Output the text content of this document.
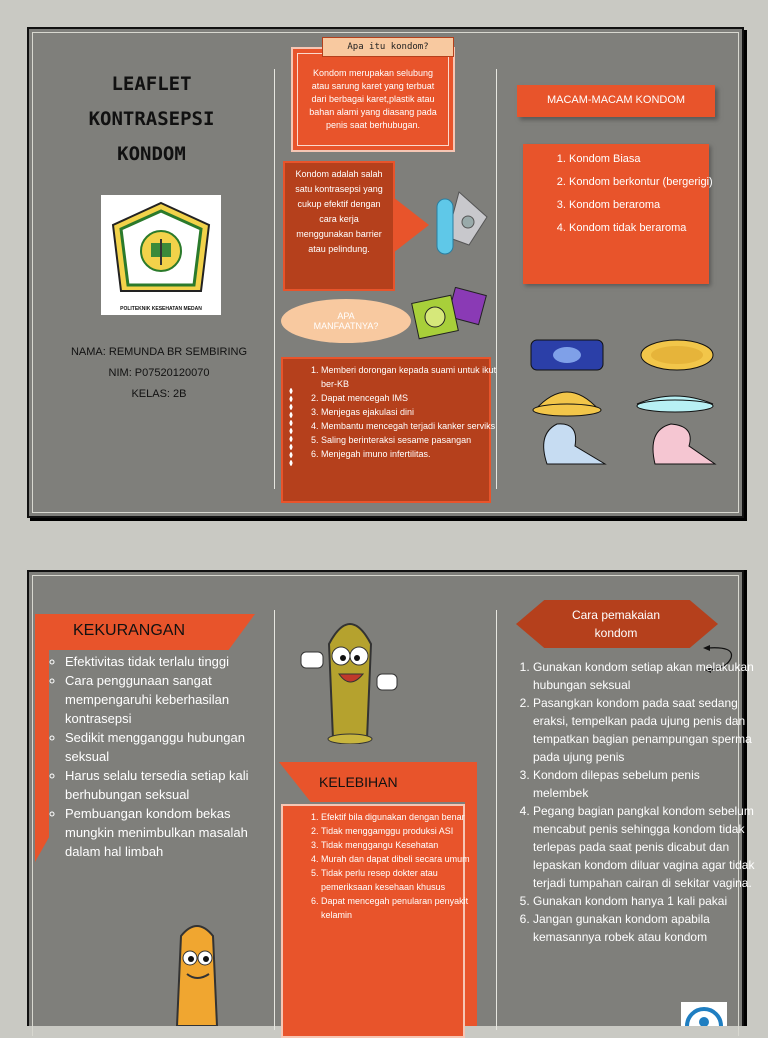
LEAFLET
KONTRASEPSI
KONDOM
POLITEKNIK KESEHATAN MEDAN
NAMA: REMUNDA BR SEMBIRING
NIM: P07520120070
KELAS: 2B
Kondom merupakan selubung atau sarung karet yang terbuat dari berbagai karet,plastik atau bahan alami yang diasang pada penis saat berhubugan.
Apa itu kondom?
Kondom adalah salah satu kontrasepsi yang cukup efektif dengan cara kerja menggunakan barrier atau pelindung.
APA MANFAATNYA?
1. Memberi dorongan kepada suami untuk ikut ber-KB
2. Dapat mencegah IMS
3. Menjegas ejakulasi dini
4. Membantu mencegah terjadi kanker serviks
5. Saling berinteraksi sesame pasangan
6. Menjegah imuno infertilitas.
MACAM-MACAM KONDOM
1. Kondom Biasa
2. Kondom berkontur (bergerigi)
3. Kondom beraroma
4. Kondom tidak beraroma
KEKURANGAN
◦ Efektivitas tidak terlalu tinggi
◦ Cara penggunaan sangat mempengaruhi keberhasilan kontrasepsi
◦ Sedikit mengganggu hubungan seksual
◦ Harus selalu tersedia setiap kali berhubungan seksual
◦ Pembuangan kondom bekas mungkin menimbulkan masalah dalam hal limbah
KELEBIHAN
1. Efektif bila digunakan dengan benar
2. Tidak menggamggu produksi ASI
3. Tidak menggangu Kesehatan
4. Murah dan dapat dibeli secara umum
5. Tidak perlu resep dokter atau pemeriksaan kesehaan khusus
6. Dapat mencegah penularan penyakit kelamin
Cara pemakaian kondom
1. Gunakan kondom setiap akan melakukan hubungan seksual
2. Pasangkan kondom pada saat sedang eraksi, tempelkan pada ujung penis dan tempatkan bagian penampungan sperma pada ujung penis
3. Kondom dilepas sebelum penis melembek
4. Pegang bagian pangkal kondom sebelum mencabut penis sehingga kondom tidak terlepas pada saat penis dicabut dan lepaskan kondom diluar vagina agar tidak terjadi tumpahan cairan di sekitar vagina.
5. Gunakan kondom hanya 1 kali pakai
6. Jangan gunakan kondom apabila kemasannya robek atau kondom
